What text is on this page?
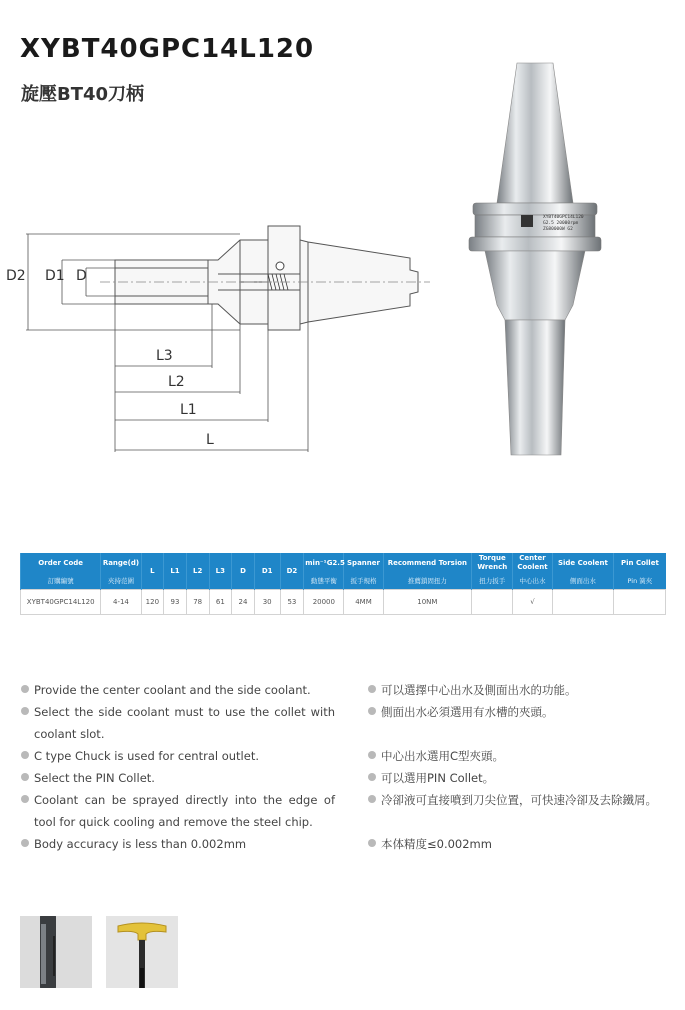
XYBT40GPC14L120
旋壓BT40刀柄
D2 D1 D
L3
L2
L1
L
XYBT40GPC14L120
G2.5 20000rpm
ZG80000W G2
Order Code	Range(d)	L	L1	L2	L3	D	D1	D2	min⁻¹G2.5	Spanner	Recommend Torsion	Torque Wrench	Center Coolent	Side Coolent	Pin Collet
訂購編號	夾持范圍								動態平衡	扳手規格	推薦鎖固扭力	扭力扳手	中心出水	側面出水	Pin 簧夾
XYBT40GPC14L120	4-14	120	93	78	61	24	30	53	20000	4MM	10NM		√		
Provide the center coolant and the side coolant.
Select the side coolant must to use the collet with coolant slot.
C type Chuck is used for central outlet.
Select the PIN Collet.
Coolant can be sprayed directly into the edge of tool for quick cooling and remove the steel chip.
Body accuracy is less than 0.002mm
可以選擇中心出水及側面出水的功能。
側面出水必須選用有水槽的夾頭。
中心出水選用C型夾頭。
可以選用PIN Collet。
冷卻液可直接噴到刀尖位置，可快速冷卻及去除鐵屑。
本体精度≤0.002mm
